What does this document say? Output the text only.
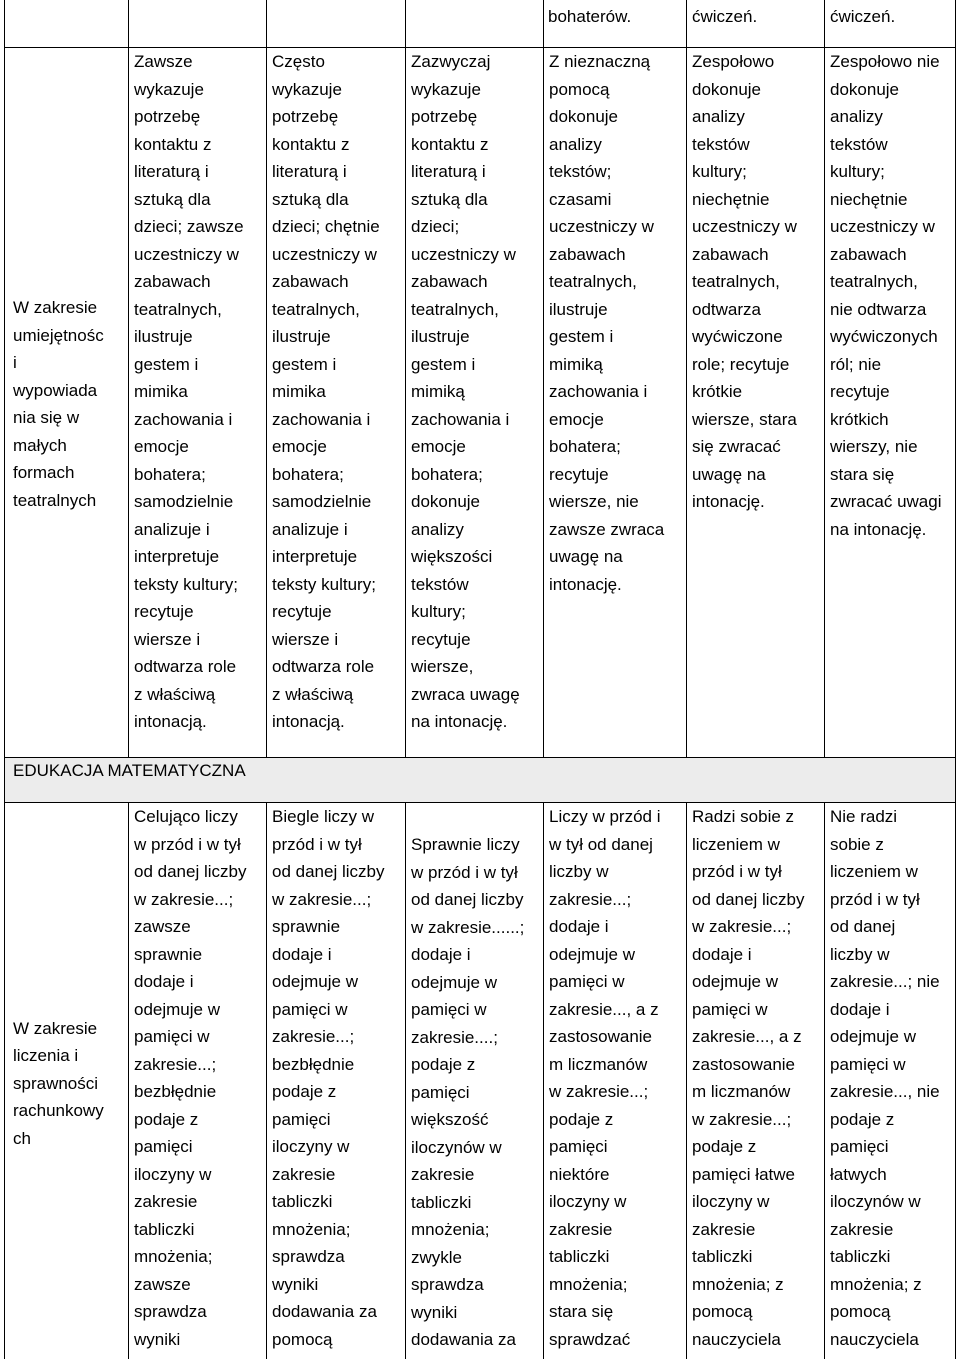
bohaterów.	ćwiczeń.	ćwiczeń.
W zakresie
umiejętnośc
i
wypowiada
nia się w
małych
formach
teatralnych
Zawsze
wykazuje
potrzebę
kontaktu z
literaturą i
sztuką dla
dzieci; zawsze
uczestniczy w
zabawach
teatralnych,
ilustruje
gestem i
mimika
zachowania i
emocje
bohatera;
samodzielnie
analizuje i
interpretuje
teksty kultury;
recytuje
wiersze i
odtwarza role
z właściwą
intonacją.
Często
wykazuje
potrzebę
kontaktu z
literaturą i
sztuką dla
dzieci; chętnie
uczestniczy w
zabawach
teatralnych,
ilustruje
gestem i
mimika
zachowania i
emocje
bohatera;
samodzielnie
analizuje i
interpretuje
teksty kultury;
recytuje
wiersze i
odtwarza role
z właściwą
intonacją.
Zazwyczaj
wykazuje
potrzebę
kontaktu z
literaturą i
sztuką dla
dzieci;
uczestniczy w
zabawach
teatralnych,
ilustruje
gestem i
mimiką
zachowania i
emocje
bohatera;
dokonuje
analizy
większości
tekstów
kultury;
recytuje
wiersze,
zwraca uwagę
na intonację.
Z nieznaczną
pomocą
dokonuje
analizy
tekstów;
czasami
uczestniczy w
zabawach
teatralnych,
ilustruje
gestem i
mimiką
zachowania i
emocje
bohatera;
recytuje
wiersze, nie
zawsze zwraca
uwagę na
intonację.
Zespołowo
dokonuje
analizy
tekstów
kultury;
niechętnie
uczestniczy w
zabawach
teatralnych,
odtwarza
wyćwiczone
role; recytuje
krótkie
wiersze, stara
się zwracać
uwagę na
intonację.
Zespołowo nie
dokonuje
analizy
tekstów
kultury;
niechętnie
uczestniczy w
zabawach
teatralnych,
nie odtwarza
wyćwiczonych
ról; nie
recytuje
krótkich
wierszy, nie
stara się
zwracać uwagi
na intonację.
EDUKACJA MATEMATYCZNA
W zakresie
liczenia i
sprawności
rachunkowy
ch
Celująco liczy
w przód i w tył
od danej liczby
w zakresie...;
zawsze
sprawnie
dodaje i
odejmuje w
pamięci w
zakresie...;
bezbłędnie
podaje z
pamięci
iloczyny w
zakresie
tabliczki
mnożenia;
zawsze
sprawdza
wyniki
Biegle liczy w
przód i w tył
od danej liczby
w zakresie...;
sprawnie
dodaje i
odejmuje w
pamięci w
zakresie...;
bezbłędnie
podaje z
pamięci
iloczyny w
zakresie
tabliczki
mnożenia;
sprawdza
wyniki
dodawania za
pomocą
Sprawnie liczy
w przód i w tył
od danej liczby
w zakresie......;
dodaje i
odejmuje w
pamięci w
zakresie....;
podaje z
pamięci
większość
iloczynów w
zakresie
tabliczki
mnożenia;
zwykle
sprawdza
wyniki
dodawania za
Liczy w przód i
w tył od danej
liczby w
zakresie...;
dodaje i
odejmuje w
pamięci w
zakresie..., a z
zastosowanie
m liczmanów
w zakresie...;
podaje z
pamięci
niektóre
iloczyny w
zakresie
tabliczki
mnożenia;
stara się
sprawdzać
Radzi sobie z
liczeniem w
przód i w tył
od danej liczby
w zakresie...;
dodaje i
odejmuje w
pamięci w
zakresie..., a z
zastosowanie
m liczmanów
w zakresie...;
podaje z
pamięci łatwe
iloczyny w
zakresie
tabliczki
mnożenia; z
pomocą
nauczyciela
Nie radzi
sobie z
liczeniem w
przód i w tył
od danej
liczby w
zakresie...; nie
dodaje i
odejmuje w
pamięci w
zakresie..., nie
podaje z
pamięci
łatwych
iloczynów w
zakresie
tabliczki
mnożenia; z
pomocą
nauczyciela
